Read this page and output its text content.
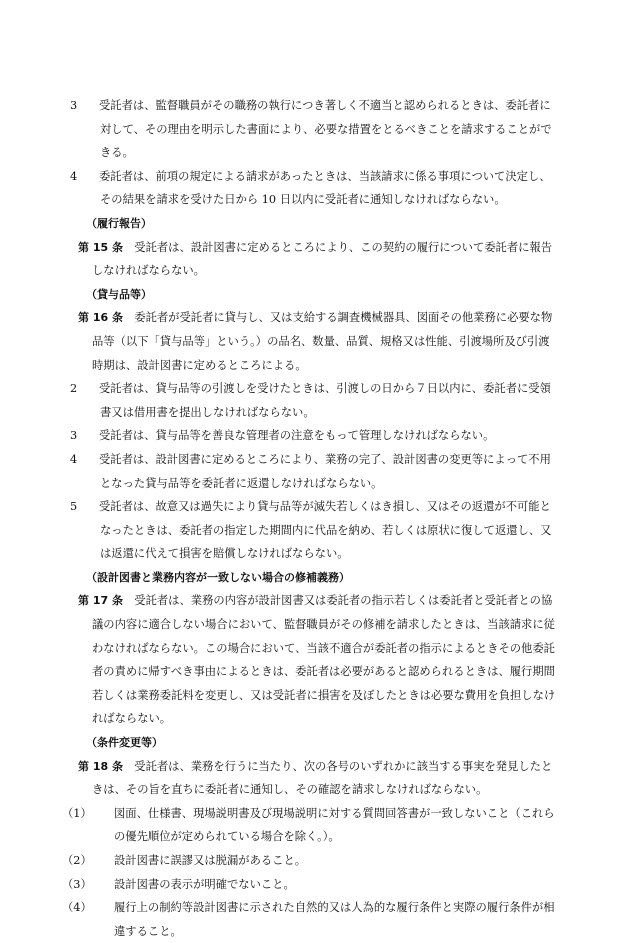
3 受託者は、監督職員がその職務の執行につき著しく不適当と認められるときは、委託者に対して、その理由を明示した書面により、必要な措置をとるべきことを請求することができる。

4 委託者は、前項の規定による請求があったときは、当該請求に係る事項について決定し、その結果を請求を受けた日から 10 日以内に受託者に通知しなければならない。

（履行報告）

第 15 条　 受託者は、設計図書に定めるところにより、この契約の履行について委託者に報告しなければならない。

（貸与品等）

第 16 条　 委託者が受託者に貸与し、又は支給する調査機械器具、図面その他業務に必要な物品等（以下「貸与品等」という。）の品名、数量、品質、規格又は性能、引渡場所及び引渡時期は、設計図書に定めるところによる。

2 受託者は、貸与品等の引渡しを受けたときは、引渡しの日から７日以内に、委託者に受領書又は借用書を提出しなければならない。

3 受託者は、貸与品等を善良な管理者の注意をもって管理しなければならない。

4 受託者は、設計図書に定めるところにより、業務の完了、設計図書の変更等によって不用となった貸与品等を委託者に返還しなければならない。

5 受託者は、故意又は過失により貸与品等が滅失若しくはき損し、又はその返還が不可能となったときは、委託者の指定した期間内に代品を納め、若しくは原状に復して返還し、又は返還に代えて損害を賠償しなければならない。

（設計図書と業務内容が一致しない場合の修補義務）

第 17 条　 受託者は、業務の内容が設計図書又は委託者の指示若しくは委託者と受託者との協議の内容に適合しない場合において、監督職員がその修補を請求したときは、当該請求に従わなければならない。この場合において、当該不適合が委託者の指示によるときその他委託者の責めに帰すべき事由によるときは、委託者は必要があると認められるときは、履行期間若しくは業務委託料を変更し、又は受託者に損害を及ぼしたときは必要な費用を負担しなければならない。

（条件変更等）

第 18 条　 受託者は、業務を行うに当たり、次の各号のいずれかに該当する事実を発見したときは、その旨を直ちに委託者に通知し、その確認を請求しなければならない。

（1） 図面、仕様書、現場説明書及び現場説明に対する質問回答書が一致しないこと（これらの優先順位が定められている場合を除く。）。

（2） 設計図書に誤謬又は脱漏があること。

（3） 設計図書の表示が明確でないこと。

（4） 履行上の制約等設計図書に示された自然的又は人為的な履行条件と実際の履行条件が相違すること。
